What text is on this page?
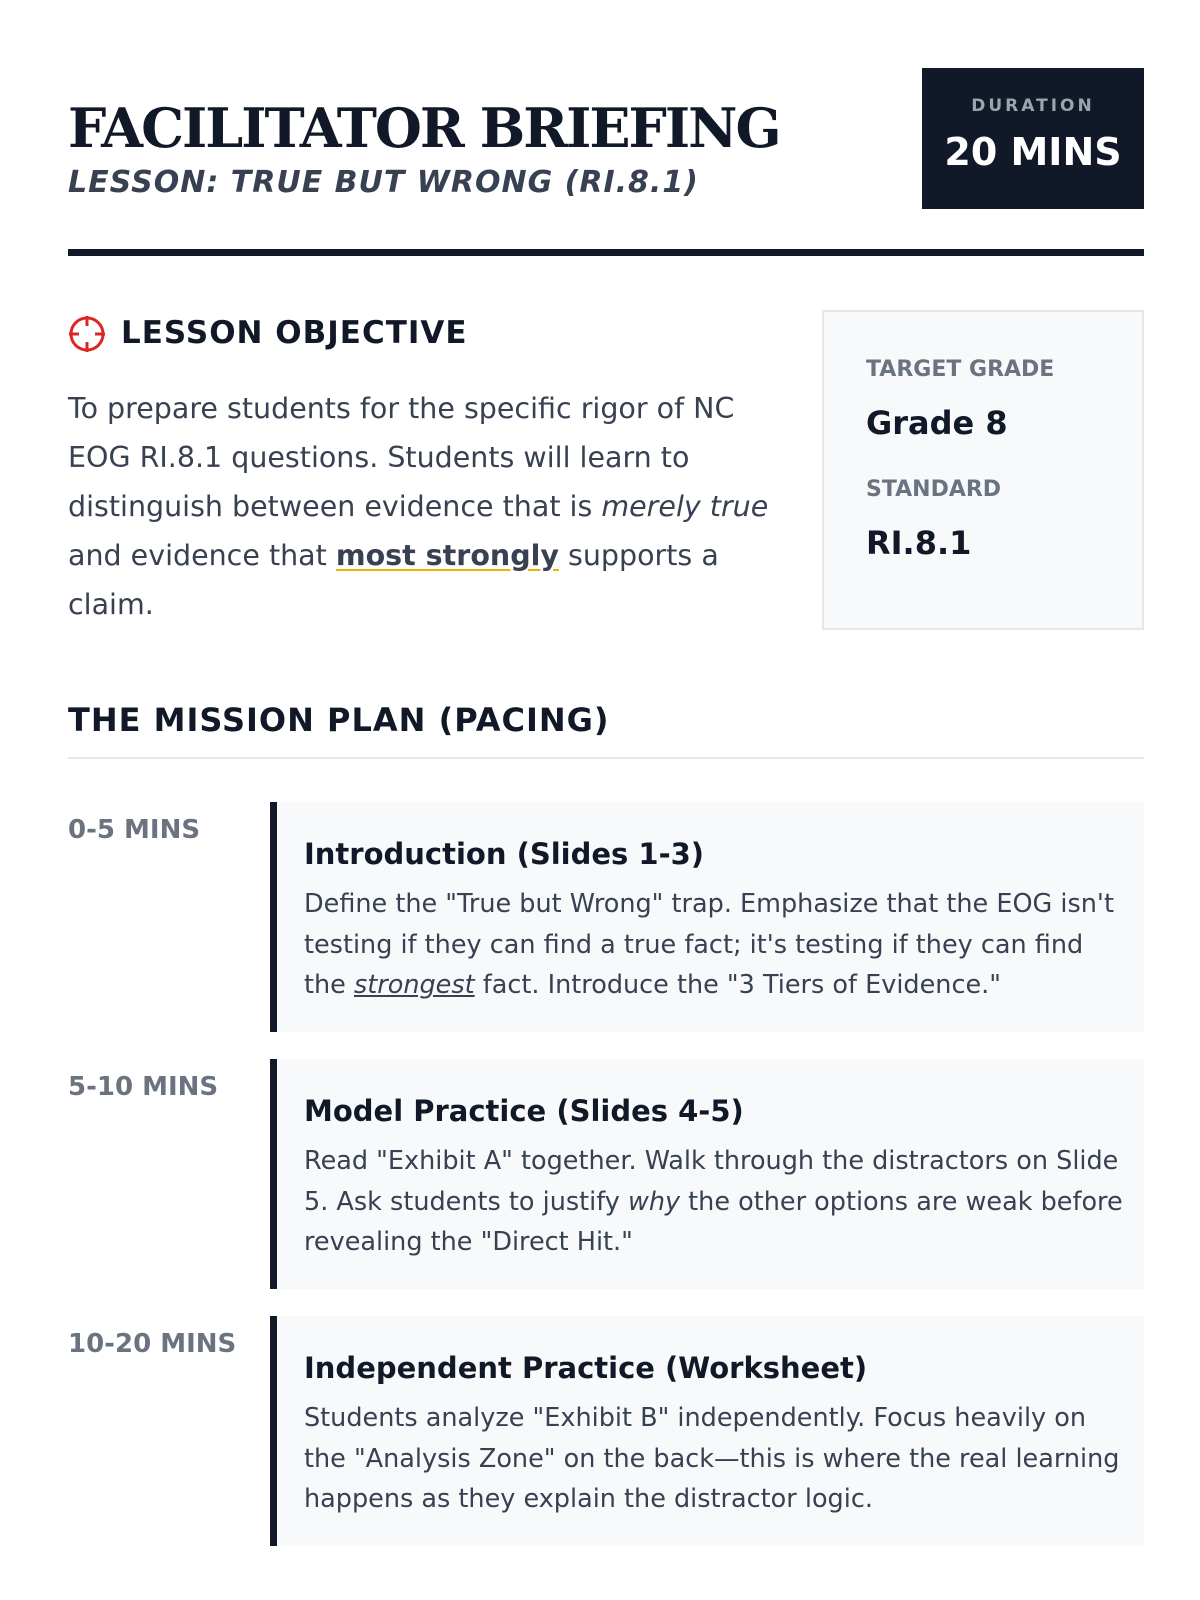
FACILITATOR BRIEFING
LESSON: TRUE BUT WRONG (RI.8.1)
DURATION
20 MINS
LESSON OBJECTIVE

To prepare students for the specific rigor of NC EOG RI.8.1 questions. Students will learn to distinguish between evidence that is merely true and evidence that most strongly supports a claim.

TARGET GRADE
Grade 8
STANDARD
RI.8.1
THE MISSION PLAN (PACING)
0-5 MINS
Introduction (Slides 1-3)

Define the "True but Wrong" trap. Emphasize that the EOG isn't testing if they can find a true fact; it's testing if they can find the strongest fact. Introduce the "3 Tiers of Evidence."

5-10 MINS
Model Practice (Slides 4-5)

Read "Exhibit A" together. Walk through the distractors on Slide 5. Ask students to justify why the other options are weak before revealing the "Direct Hit."

10-20 MINS
Independent Practice (Worksheet)

Students analyze "Exhibit B" independently. Focus heavily on the "Analysis Zone" on the back—this is where the real learning happens as they explain the distractor logic.
